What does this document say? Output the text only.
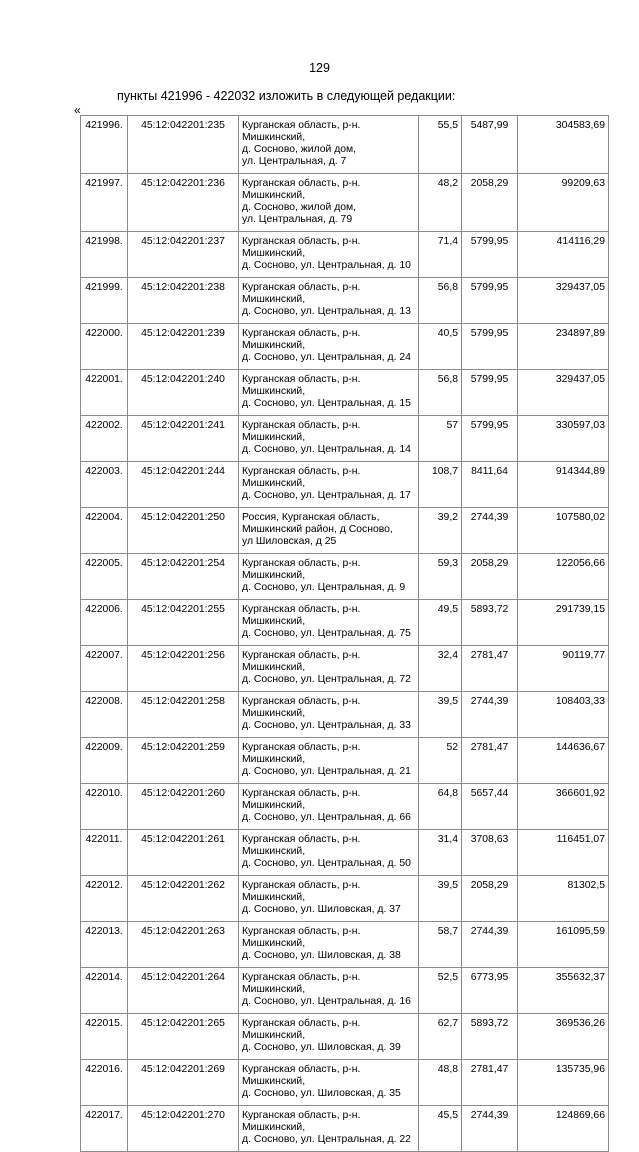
129
пункты 421996 - 422032 изложить в следующей редакции:
«
421996.	45:12:042201:235	Курганская область, р-н. Мишкинский,
д. Сосново, жилой дом,
ул. Центральная, д. 7	55,5	5487,99	304583,69
421997.	45:12:042201:236	Курганская область, р-н. Мишкинский,
д. Сосново, жилой дом,
ул. Центральная, д. 79	48,2	2058,29	99209,63
421998.	45:12:042201:237	Курганская область, р-н. Мишкинский,
д. Сосново, ул. Центральная, д. 10	71,4	5799,95	414116,29
421999.	45:12:042201:238	Курганская область, р-н. Мишкинский,
д. Сосново, ул. Центральная, д. 13	56,8	5799,95	329437,05
422000.	45:12:042201:239	Курганская область, р-н. Мишкинский,
д. Сосново, ул. Центральная, д. 24	40,5	5799,95	234897,89
422001.	45:12:042201:240	Курганская область, р-н. Мишкинский,
д. Сосново, ул. Центральная, д. 15	56,8	5799,95	329437,05
422002.	45:12:042201:241	Курганская область, р-н. Мишкинский,
д. Сосново, ул. Центральная, д. 14	57	5799,95	330597,03
422003.	45:12:042201:244	Курганская область, р-н. Мишкинский,
д. Сосново, ул. Центральная, д. 17	108,7	8411,64	914344,89
422004.	45:12:042201:250	Россия, Курганская область,
Мишкинский район, д Сосново,
ул Шиловская, д 25	39,2	2744,39	107580,02
422005.	45:12:042201:254	Курганская область, р-н. Мишкинский,
д. Сосново, ул. Центральная, д. 9	59,3	2058,29	122056,66
422006.	45:12:042201:255	Курганская область, р-н. Мишкинский,
д. Сосново, ул. Центральная, д. 75	49,5	5893,72	291739,15
422007.	45:12:042201:256	Курганская область, р-н. Мишкинский,
д. Сосново, ул. Центральная, д. 72	32,4	2781,47	90119,77
422008.	45:12:042201:258	Курганская область, р-н. Мишкинский,
д. Сосново, ул. Центральная, д. 33	39,5	2744,39	108403,33
422009.	45:12:042201:259	Курганская область, р-н. Мишкинский,
д. Сосново, ул. Центральная, д. 21	52	2781,47	144636,67
422010.	45:12:042201:260	Курганская область, р-н. Мишкинский,
д. Сосново, ул. Центральная, д. 66	64,8	5657,44	366601,92
422011.	45:12:042201:261	Курганская область, р-н. Мишкинский,
д. Сосново, ул. Центральная, д. 50	31,4	3708,63	116451,07
422012.	45:12:042201:262	Курганская область, р-н. Мишкинский,
д. Сосново, ул. Шиловская, д. 37	39,5	2058,29	81302,5
422013.	45:12:042201:263	Курганская область, р-н. Мишкинский,
д. Сосново, ул. Шиловская, д. 38	58,7	2744,39	161095,59
422014.	45:12:042201:264	Курганская область, р-н. Мишкинский,
д. Сосново, ул. Центральная, д. 16	52,5	6773,95	355632,37
422015.	45:12:042201:265	Курганская область, р-н. Мишкинский,
д. Сосново, ул. Шиловская, д. 39	62,7	5893,72	369536,26
422016.	45:12:042201:269	Курганская область, р-н. Мишкинский,
д. Сосново, ул. Шиловская, д. 35	48,8	2781,47	135735,96
422017.	45:12:042201:270	Курганская область, р-н. Мишкинский,
д. Сосново, ул. Центральная, д. 22	45,5	2744,39	124869,66
